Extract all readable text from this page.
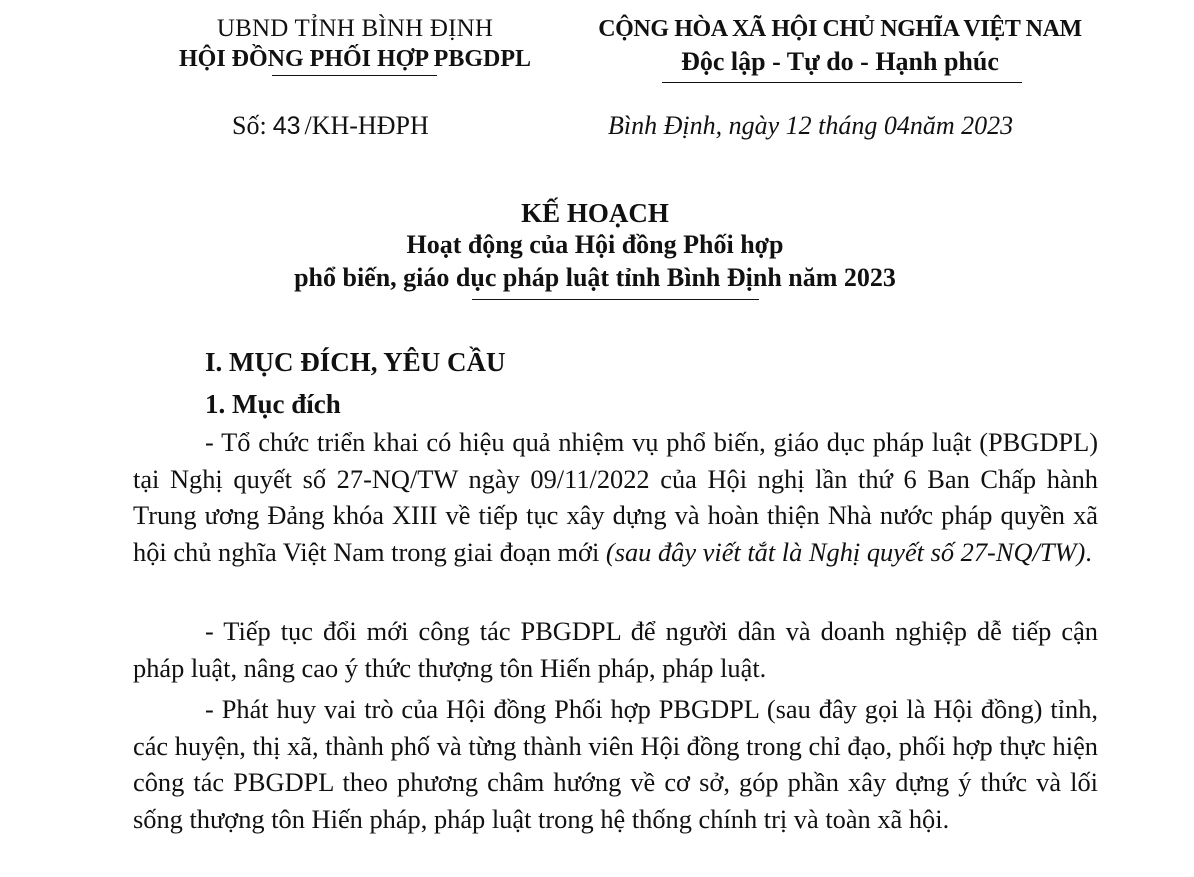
UBND TỈNH BÌNH ĐỊNH
HỘI ĐỒNG PHỐI HỢP PBGDPL
CỘNG HÒA XÃ HỘI CHỦ NGHĨA VIỆT NAM
Độc lập - Tự do - Hạnh phúc
Số: 43 /KH-HĐPH	Bình Định, ngày 12 tháng 04năm 2023
KẾ HOẠCH
Hoạt động của Hội đồng Phối hợp
phổ biến, giáo dục pháp luật tỉnh Bình Định năm 2023
I. MỤC ĐÍCH, YÊU CẦU
1. Mục đích
- Tổ chức triển khai có hiệu quả nhiệm vụ phổ biến, giáo dục pháp luật (PBGDPL) tại Nghị quyết số 27-NQ/TW ngày 09/11/2022 của Hội nghị lần thứ 6 Ban Chấp hành Trung ương Đảng khóa XIII về tiếp tục xây dựng và hoàn thiện Nhà nước pháp quyền xã hội chủ nghĩa Việt Nam trong giai đoạn mới (sau đây viết tắt là Nghị quyết số 27-NQ/TW).
- Tiếp tục đổi mới công tác PBGDPL để người dân và doanh nghiệp dễ tiếp cận pháp luật, nâng cao ý thức thượng tôn Hiến pháp, pháp luật.
- Phát huy vai trò của Hội đồng Phối hợp PBGDPL (sau đây gọi là Hội đồng) tỉnh, các huyện, thị xã, thành phố và từng thành viên Hội đồng trong chỉ đạo, phối hợp thực hiện công tác PBGDPL theo phương châm hướng về cơ sở, góp phần xây dựng ý thức và lối sống thượng tôn Hiến pháp, pháp luật trong hệ thống chính trị và toàn xã hội.
